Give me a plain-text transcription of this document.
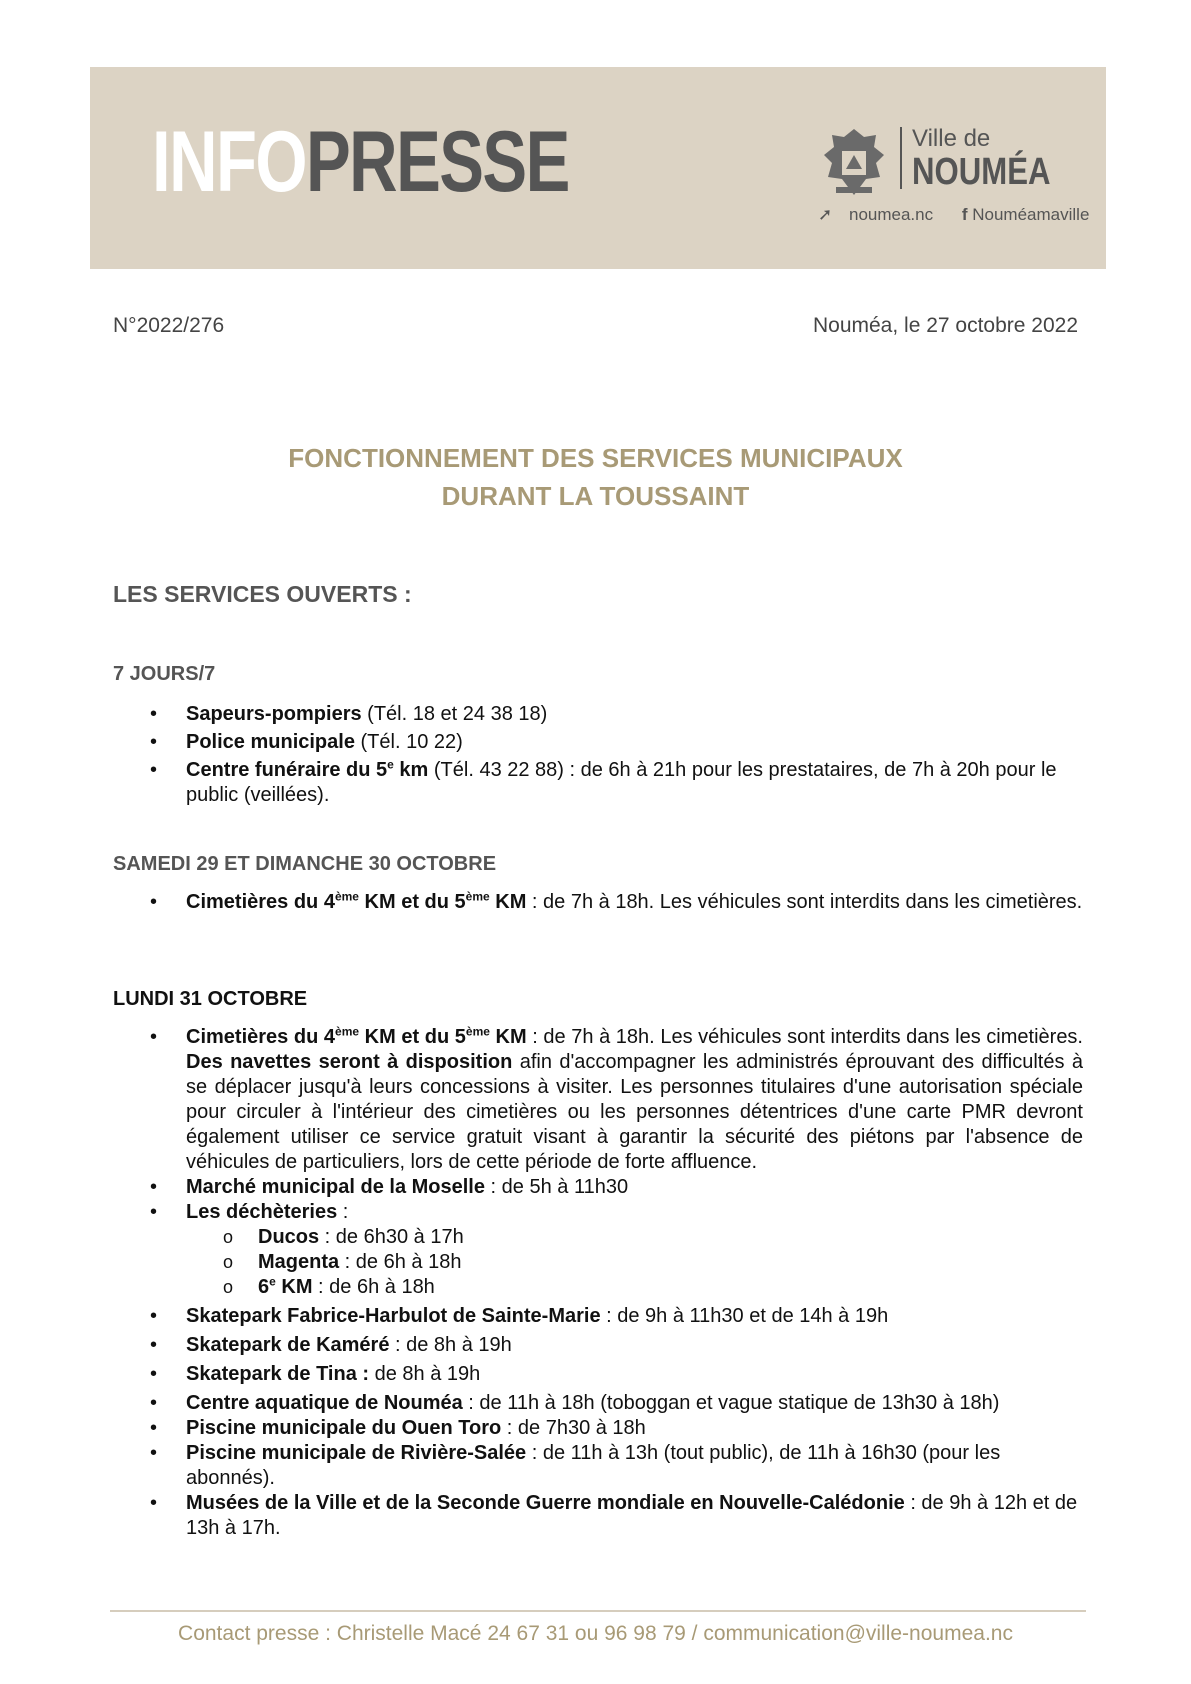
INFOPRESSE	Ville de
NOUMÉA
➚ noumea.nc f Nouméamaville
N°2022/276	Nouméa, le 27 octobre 2022
FONCTIONNEMENT DES SERVICES MUNICIPAUX
DURANT LA TOUSSAINT
LES SERVICES OUVERTS :
7 JOURS/7
• Sapeurs-pompiers (Tél. 18 et 24 38 18)
• Police municipale (Tél. 10 22)
• Centre funéraire du 5e km (Tél. 43 22 88) : de 6h à 21h pour les prestataires, de 7h à 20h pour le public (veillées).
SAMEDI 29 ET DIMANCHE 30 OCTOBRE
• Cimetières du 4ème KM et du 5ème KM : de 7h à 18h. Les véhicules sont interdits dans les cimetières.
LUNDI 31 OCTOBRE
• Cimetières du 4ème KM et du 5ème KM : de 7h à 18h. Les véhicules sont interdits dans les cimetières. Des navettes seront à disposition afin d'accompagner les administrés éprouvant des difficultés à se déplacer jusqu'à leurs concessions à visiter. Les personnes titulaires d'une autorisation spéciale pour circuler à l'intérieur des cimetières ou les personnes détentrices d'une carte PMR devront également utiliser ce service gratuit visant à garantir la sécurité des piétons par l'absence de véhicules de particuliers, lors de cette période de forte affluence.
• Marché municipal de la Moselle : de 5h à 11h30
• Les déchèteries :
o Ducos : de 6h30 à 17h
o Magenta : de 6h à 18h
o 6e KM : de 6h à 18h
• Skatepark Fabrice-Harbulot de Sainte-Marie : de 9h à 11h30 et de 14h à 19h
• Skatepark de Kaméré : de 8h à 19h
• Skatepark de Tina : de 8h à 19h
• Centre aquatique de Nouméa : de 11h à 18h (toboggan et vague statique de 13h30 à 18h)
• Piscine municipale du Ouen Toro : de 7h30 à 18h
• Piscine municipale de Rivière-Salée : de 11h à 13h (tout public), de 11h à 16h30 (pour les abonnés).
• Musées de la Ville et de la Seconde Guerre mondiale en Nouvelle-Calédonie : de 9h à 12h et de 13h à 17h.
Contact presse : Christelle Macé 24 67 31 ou 96 98 79 / communication@ville-noumea.nc
